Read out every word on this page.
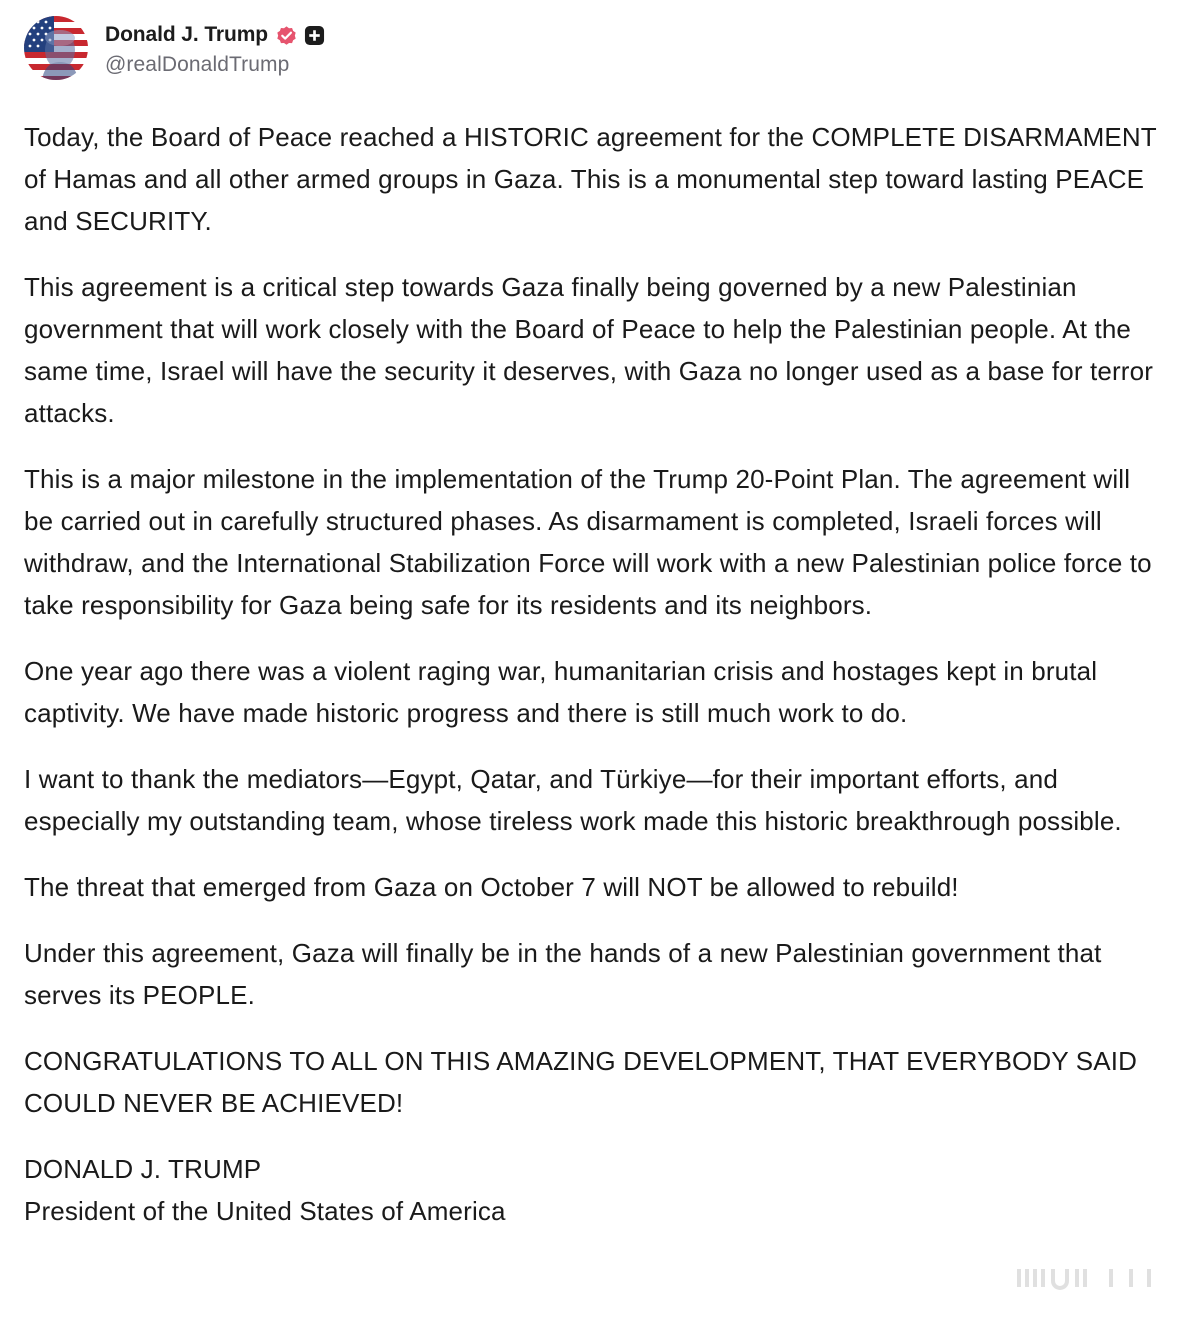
Donald J. Trump
@realDonaldTrump

Today, the Board of Peace reached a HISTORIC agreement for the COMPLETE DISARMAMENT of Hamas and all other armed groups in Gaza. This is a monumental step toward lasting PEACE and SECURITY.

This agreement is a critical step towards Gaza finally being governed by a new Palestinian government that will work closely with the Board of Peace to help the Palestinian people. At the same time, Israel will have the security it deserves, with Gaza no longer used as a base for terror attacks.

This is a major milestone in the implementation of the Trump 20-Point Plan. The agreement will be carried out in carefully structured phases. As disarmament is completed, Israeli forces will withdraw, and the International Stabilization Force will work with a new Palestinian police force to take responsibility for Gaza being safe for its residents and its neighbors.

One year ago there was a violent raging war, humanitarian crisis and hostages kept in brutal captivity. We have made historic progress and there is still much work to do.

I want to thank the mediators—Egypt, Qatar, and Türkiye—for their important efforts, and especially my outstanding team, whose tireless work made this historic breakthrough possible.

The threat that emerged from Gaza on October 7 will NOT be allowed to rebuild!

Under this agreement, Gaza will finally be in the hands of a new Palestinian government that serves its PEOPLE.

CONGRATULATIONS TO ALL ON THIS AMAZING DEVELOPMENT, THAT EVERYBODY SAID COULD NEVER BE ACHIEVED!

DONALD J. TRUMP
President of the United States of America
